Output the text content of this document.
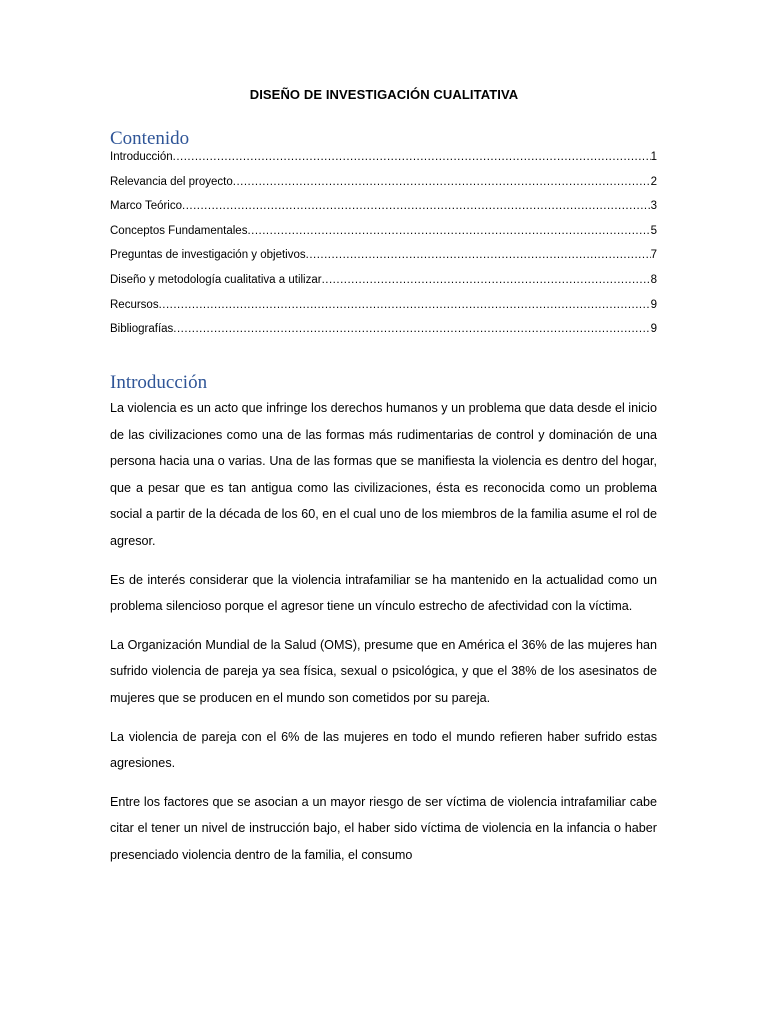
DISEÑO DE INVESTIGACIÓN CUALITATIVA
Contenido
Introducción .....	1
Relevancia del proyecto .....	2
Marco Teórico .....	3
Conceptos Fundamentales .....	5
Preguntas de investigación y objetivos .....	7
Diseño y metodología cualitativa a utilizar .....	8
Recursos .....	9
Bibliografías .....	9
Introducción

La violencia es un acto que infringe los derechos humanos y un problema que data desde el inicio de las civilizaciones como una de las formas más rudimentarias de control y dominación de una persona hacia una o varias. Una de las formas que se manifiesta la violencia es dentro del hogar, que a pesar que es tan antigua como las civilizaciones, ésta es reconocida como un problema social a partir de la década de los 60, en el cual uno de los miembros de la familia asume el rol de agresor.

Es de interés considerar que la violencia intrafamiliar se ha mantenido en la actualidad como un problema silencioso porque el agresor tiene un vínculo estrecho de afectividad con la víctima.

La Organización Mundial de la Salud (OMS), presume que en América el 36% de las mujeres han sufrido violencia de pareja ya sea física, sexual o psicológica, y que el 38% de los asesinatos de mujeres que se producen en el mundo son cometidos por su pareja.

La violencia de pareja con el 6% de las mujeres en todo el mundo refieren haber sufrido estas agresiones.

Entre los factores que se asocian a un mayor riesgo de ser víctima de violencia intrafamiliar cabe citar el tener un nivel de instrucción bajo, el haber sido víctima de violencia en la infancia o haber presenciado violencia dentro de la familia, el consumo
